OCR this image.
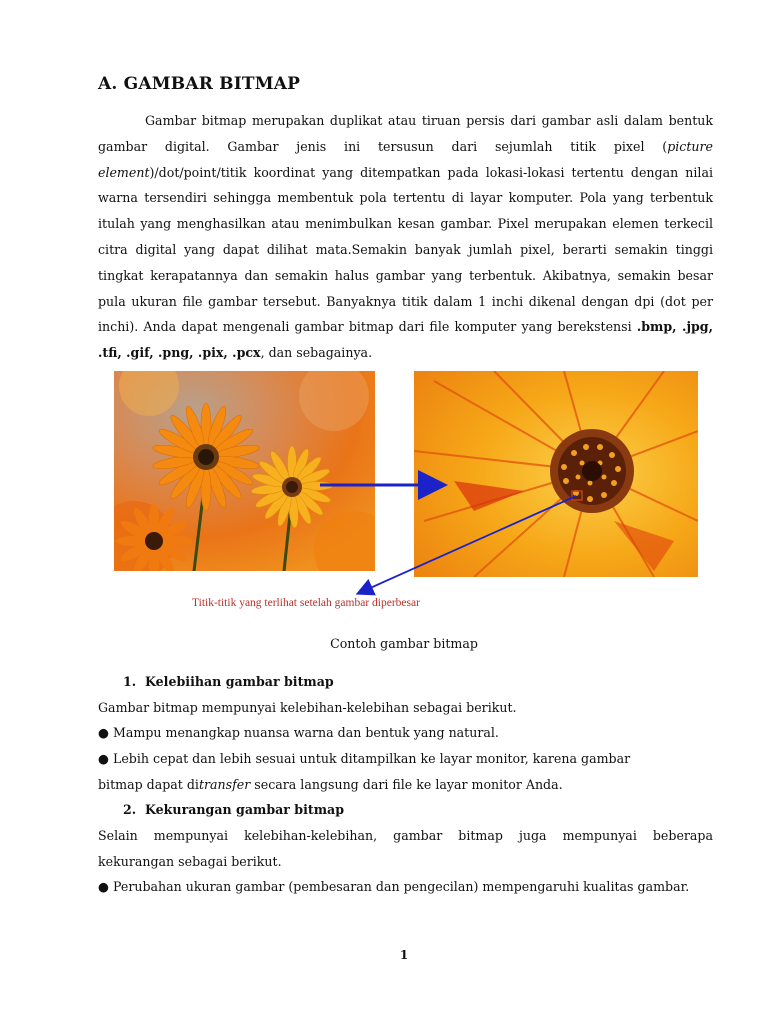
A. GAMBAR BITMAP
Gambar bitmap merupakan duplikat atau tiruan persis dari gambar asli dalam bentuk gambar digital. Gambar jenis ini tersusun dari sejumlah titik pixel (picture element)/dot/point/titik koordinat yang ditempatkan pada lokasi-lokasi tertentu dengan nilai warna tersendiri sehingga membentuk pola tertentu di layar komputer. Pola yang terbentuk itulah yang menghasilkan atau menimbulkan kesan gambar. Pixel merupakan elemen terkecil citra digital yang dapat dilihat mata.Semakin banyak jumlah pixel, berarti semakin tinggi tingkat kerapatannya dan semakin halus gambar yang terbentuk. Akibatnya, semakin besar pula ukuran file gambar tersebut. Banyaknya titik dalam 1 inchi dikenal dengan dpi (dot per inchi). Anda dapat mengenali gambar bitmap dari file komputer yang berekstensi .bmp, .jpg, .tfi, .gif, .png, .pix, .pcx, dan sebagainya.
Titik-titik yang terlihat setelah gambar diperbesar
Contoh gambar bitmap
1. Kelebiihan gambar bitmap
Gambar bitmap mempunyai kelebihan-kelebihan sebagai berikut.
● Mampu menangkap nuansa warna dan bentuk yang natural.
● Lebih cepat dan lebih sesuai untuk ditampilkan ke layar monitor, karena gambar
bitmap dapat ditransfer secara langsung dari file ke layar monitor Anda.
2. Kekurangan gambar bitmap
Selain mempunyai kelebihan-kelebihan, gambar bitmap juga mempunyai beberapa
kekurangan sebagai berikut.
● Perubahan ukuran gambar (pembesaran dan pengecilan) mempengaruhi kualitas gambar.
1
